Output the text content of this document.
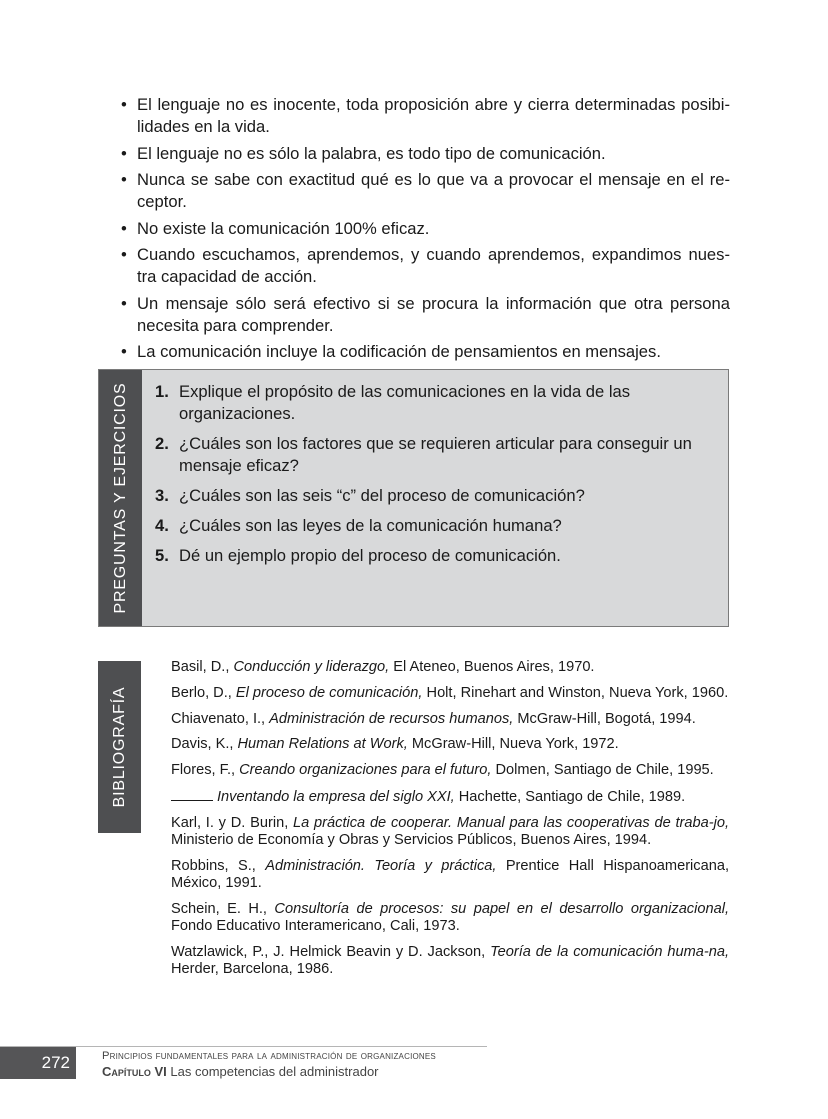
• El lenguaje no es inocente, toda proposición abre y cierra determinadas posibi-lidades en la vida.
• El lenguaje no es sólo la palabra, es todo tipo de comunicación.
• Nunca se sabe con exactitud qué es lo que va a provocar el mensaje en el re-ceptor.
• No existe la comunicación 100% eficaz.
• Cuando escuchamos, aprendemos, y cuando aprendemos, expandimos nues-tra capacidad de acción.
• Un mensaje sólo será efectivo si se procura la información que otra persona necesita para comprender.
• La comunicación incluye la codificación de pensamientos en mensajes.
PREGUNTAS Y EJERCICIOS 1. Explique el propósito de las comunicaciones en la vida de las organizaciones.
2. ¿Cuáles son los factores que se requieren articular para conseguir un mensaje eficaz?
3. ¿Cuáles son las seis “c” del proceso de comunicación?
4. ¿Cuáles son las leyes de la comunicación humana?
5. Dé un ejemplo propio del proceso de comunicación.
BIBLIOGRAFÍA
Basil, D., Conducción y liderazgo, El Ateneo, Buenos Aires, 1970.
Berlo, D., El proceso de comunicación, Holt, Rinehart and Winston, Nueva York, 1960.
Chiavenato, I., Administración de recursos humanos, McGraw-Hill, Bogotá, 1994.
Davis, K., Human Relations at Work, McGraw-Hill, Nueva York, 1972.
Flores, F., Creando organizaciones para el futuro, Dolmen, Santiago de Chile, 1995.
Inventando la empresa del siglo XXI, Hachette, Santiago de Chile, 1989.
Karl, I. y D. Burin, La práctica de cooperar. Manual para las cooperativas de traba-jo, Ministerio de Economía y Obras y Servicios Públicos, Buenos Aires, 1994.
Robbins, S., Administración. Teoría y práctica, Prentice Hall Hispanoamericana, México, 1991.
Schein, E. H., Consultoría de procesos: su papel en el desarrollo organizacional, Fondo Educativo Interamericano, Cali, 1973.
Watzlawick, P., J. Helmick Beavin y D. Jackson, Teoría de la comunicación huma-na, Herder, Barcelona, 1986.
272	Principios fundamentales para la administración de organizaciones
Capítulo VI Las competencias del administrador
